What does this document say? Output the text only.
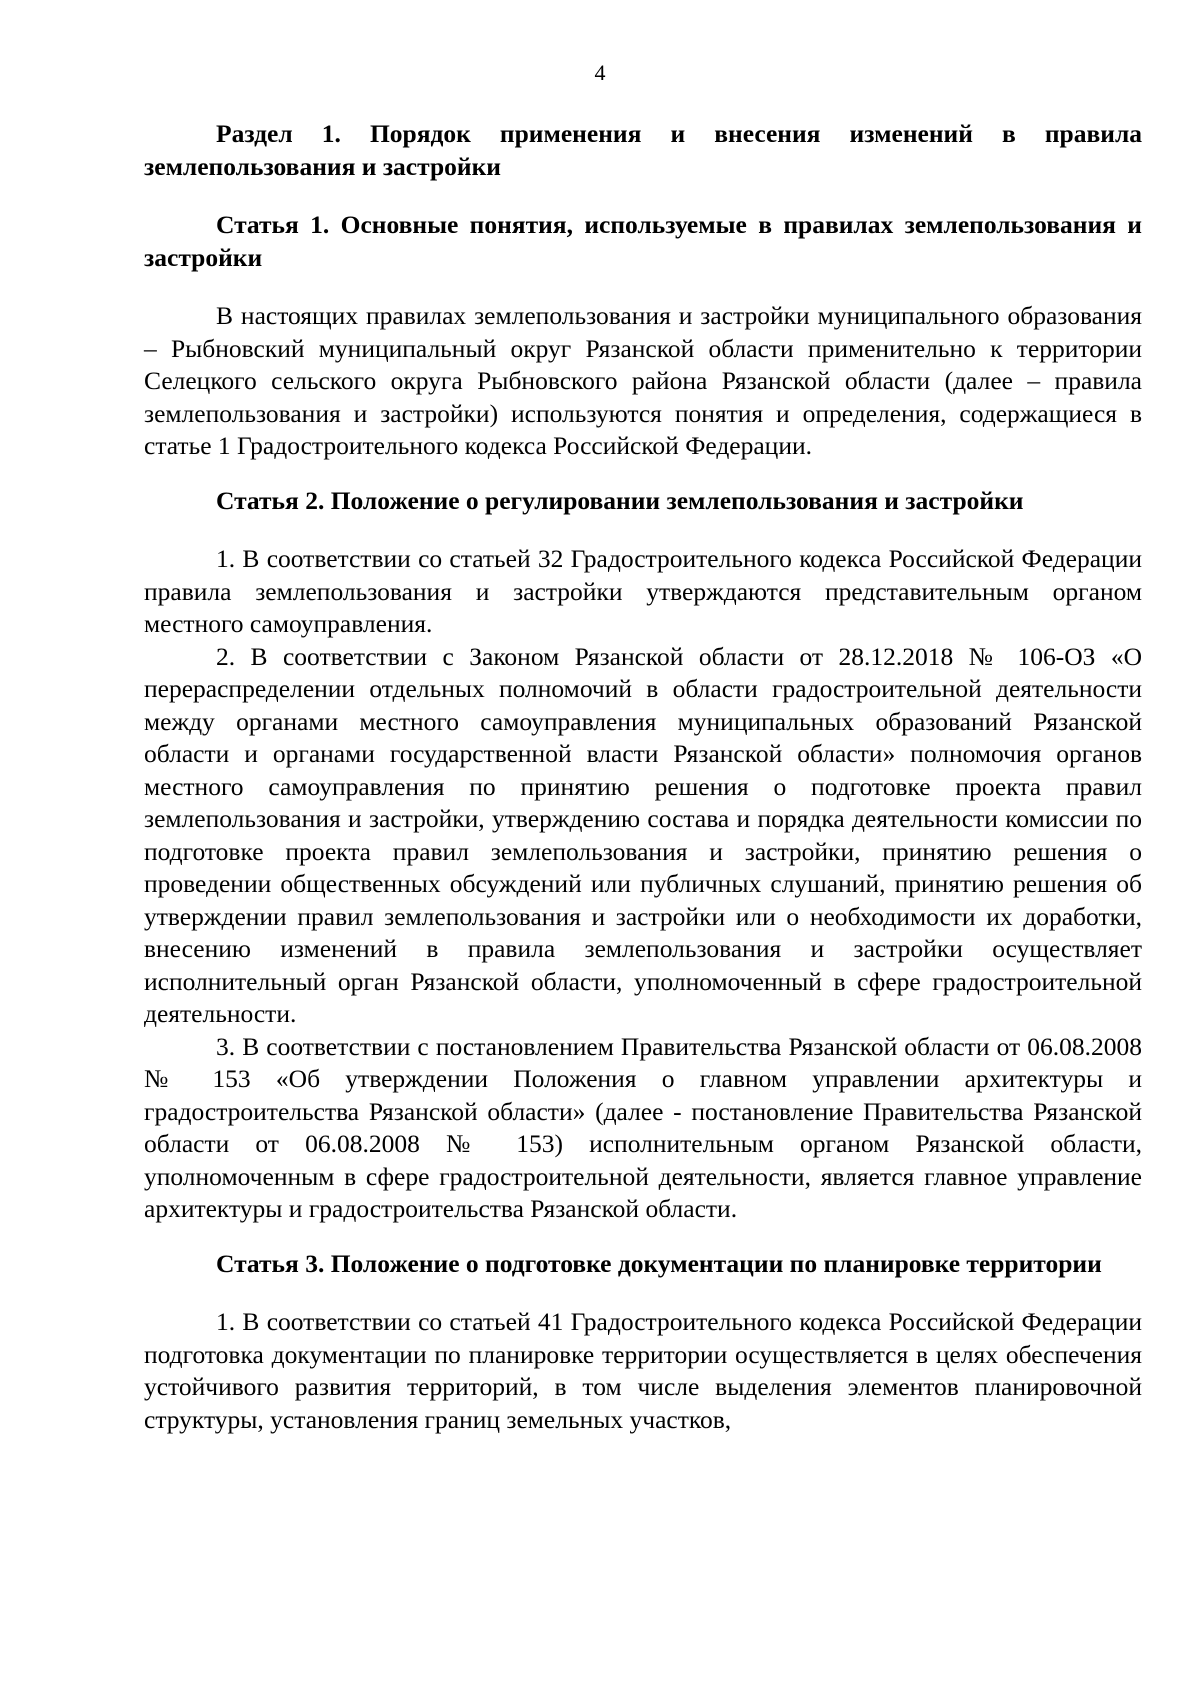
4

Раздел 1. Порядок применения и внесения изменений в правила землепользования и застройки

Статья 1. Основные понятия, используемые в правилах землепользования и застройки

В настоящих правилах землепользования и застройки муниципального образования – Рыбновский муниципальный округ Рязанской области применительно к территории Селецкого сельского округа Рыбновского района Рязанской области (далее – правила землепользования и застройки) используются понятия и определения, содержащиеся в статье 1 Градостроительного кодекса Российской Федерации.

Статья 2. Положение о регулировании землепользования и застройки

1. В соответствии со статьей 32 Градостроительного кодекса Российской Федерации правила землепользования и застройки утверждаются представительным органом местного самоуправления.

2. В соответствии с Законом Рязанской области от 28.12.2018 № 106-ОЗ «О перераспределении отдельных полномочий в области градостроительной деятельности между органами местного самоуправления муниципальных образований Рязанской области и органами государственной власти Рязанской области» полномочия органов местного самоуправления по принятию решения о подготовке проекта правил землепользования и застройки, утверждению состава и порядка деятельности комиссии по подготовке проекта правил землепользования и застройки, принятию решения о проведении общественных обсуждений или публичных слушаний, принятию решения об утверждении правил землепользования и застройки или о необходимости их доработки, внесению изменений в правила землепользования и застройки осуществляет исполнительный орган Рязанской области, уполномоченный в сфере градостроительной деятельности.

3. В соответствии с постановлением Правительства Рязанской области от 06.08.2008 № 153 «Об утверждении Положения о главном управлении архитектуры и градостроительства Рязанской области» (далее - постановление Правительства Рязанской области от 06.08.2008 № 153) исполнительным органом Рязанской области, уполномоченным в сфере градостроительной деятельности, является главное управление архитектуры и градостроительства Рязанской области.

Статья 3. Положение о подготовке документации по планировке территории

1. В соответствии со статьей 41 Градостроительного кодекса Российской Федерации подготовка документации по планировке территории осуществляется в целях обеспечения устойчивого развития территорий, в том числе выделения элементов планировочной структуры, установления границ земельных участков,
